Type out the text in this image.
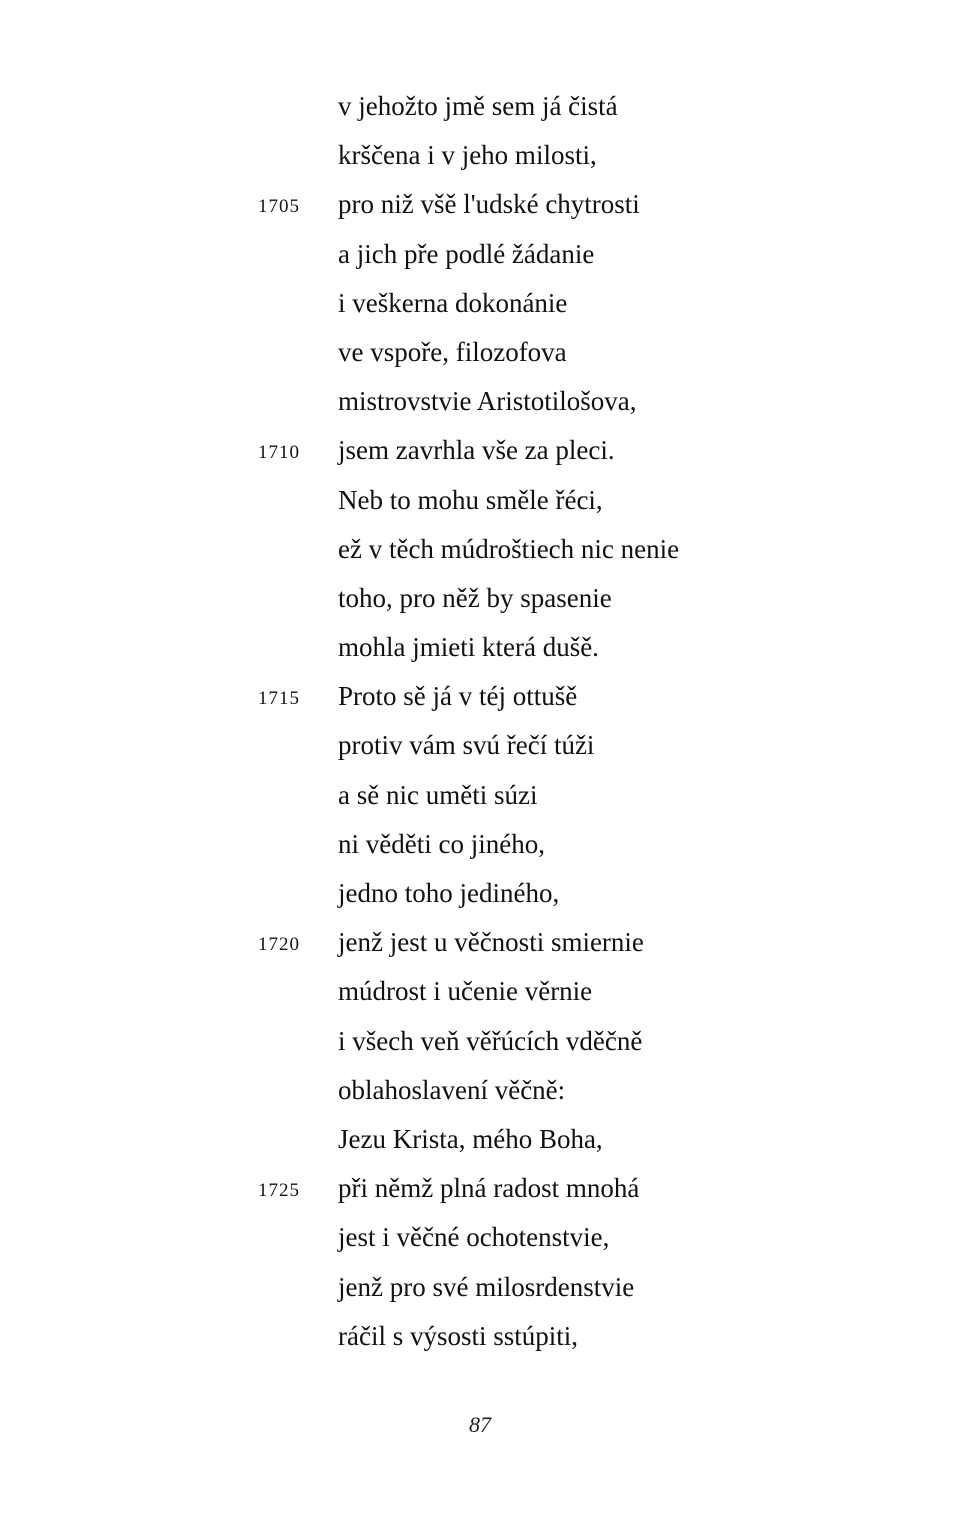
v jehožto jmě sem já čistá
krščena i v jeho milosti,
1705 pro niž všě l'udské chytrosti
a jich pře podlé žádanie
i veškerna dokonánie
ve vspoře, filozofova
mistrovstvie Aristotilošova,
1710 jsem zavrhla vše za pleci.
Neb to mohu směle řéci,
ež v těch múdroštiech nic nenie
toho, pro něž by spasenie
mohla jmieti která dušě.
1715 Proto sě já v téj ottušě
protiv vám svú řečí túži
a sě nic uměti súzi
ni věděti co jiného,
jedno toho jediného,
1720 jenž jest u věčnosti smiernie
múdrost i učenie věrnie
i všech veň věřúcích vděčně
oblahoslavení věčně:
Jezu Krista, mého Boha,
1725 při němž plná radost mnohá
jest i věčné ochotenstvie,
jenž pro své milosrdenstvie
ráčil s výsosti sstúpiti,
87
